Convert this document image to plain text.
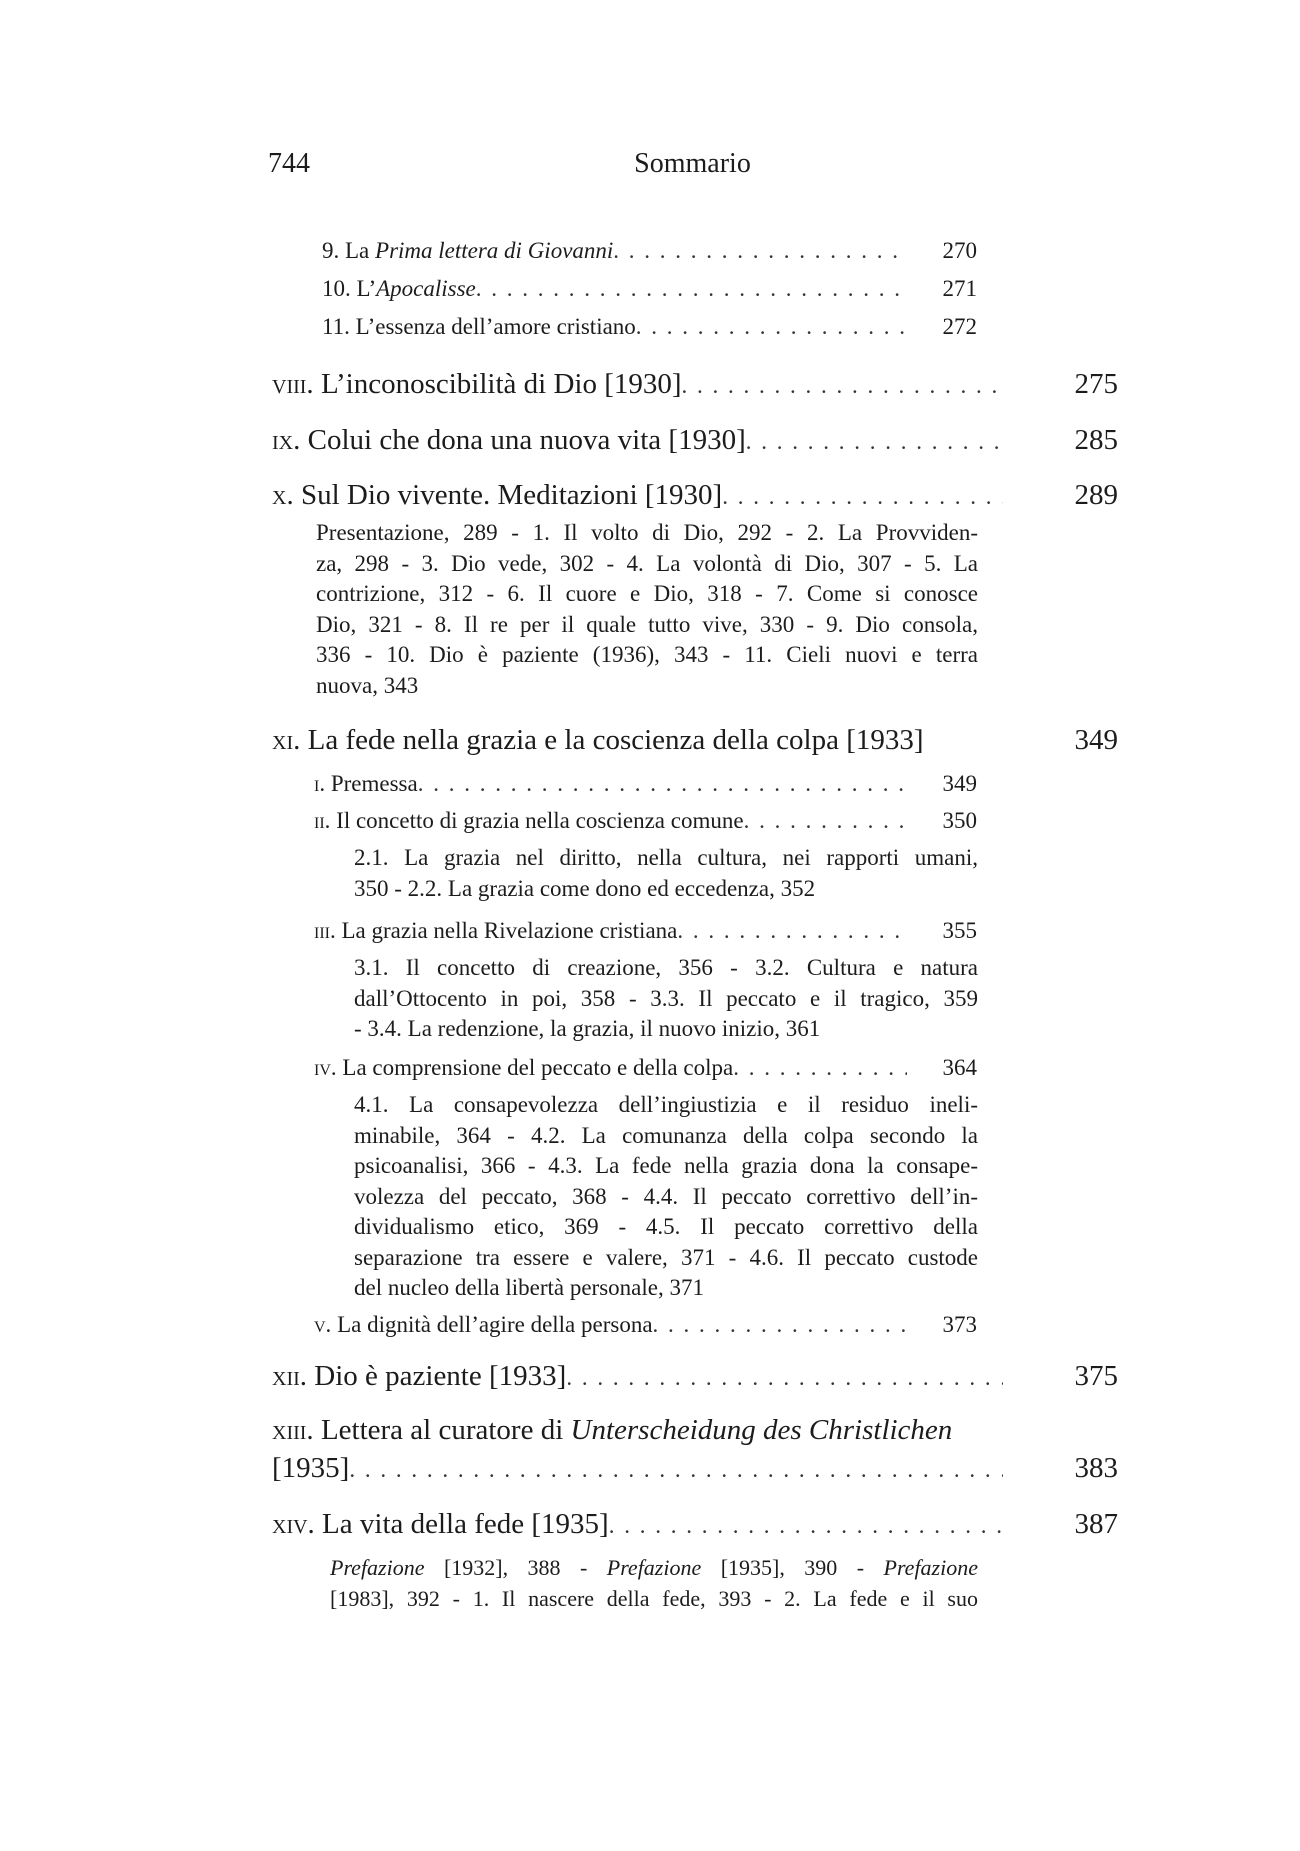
744	Sommario
9. La Prima lettera di Giovanni . . .	270
10. L’Apocalisse . . .	271
11. L’essenza dell’amore cristiano . . .	272
viii. L’inconoscibilità di Dio [1930] . . .	275
ix. Colui che dona una nuova vita [1930] . . .	285
x. Sul Dio vivente. Meditazioni [1930] . . .	289
Presentazione, 289 - 1. Il volto di Dio, 292 - 2. La Provviden-
za, 298 - 3. Dio vede, 302 - 4. La volontà di Dio, 307 - 5. La
contrizione, 312 - 6. Il cuore e Dio, 318 - 7. Come si conosce
Dio, 321 - 8. Il re per il quale tutto vive, 330 - 9. Dio consola,
336 - 10. Dio è paziente (1936), 343 - 11. Cieli nuovi e terra
nuova, 343
xi. La fede nella grazia e la coscienza della colpa [1933]	349
i. Premessa . . .	349
ii. Il concetto di grazia nella coscienza comune . . .	350
2.1. La grazia nel diritto, nella cultura, nei rapporti umani,
350 - 2.2. La grazia come dono ed eccedenza, 352
iii. La grazia nella Rivelazione cristiana . . .	355
3.1. Il concetto di creazione, 356 - 3.2. Cultura e natura
dall’Ottocento in poi, 358 - 3.3. Il peccato e il tragico, 359
- 3.4. La redenzione, la grazia, il nuovo inizio, 361
iv. La comprensione del peccato e della colpa . . .	364
4.1. La consapevolezza dell’ingiustizia e il residuo ineli-
minabile, 364 - 4.2. La comunanza della colpa secondo la
psicoanalisi, 366 - 4.3. La fede nella grazia dona la consape-
volezza del peccato, 368 - 4.4. Il peccato correttivo dell’in-
dividualismo etico, 369 - 4.5. Il peccato correttivo della
separazione tra essere e valere, 371 - 4.6. Il peccato custode
del nucleo della libertà personale, 371
v. La dignità dell’agire della persona . . .	373
xii. Dio è paziente [1933] . . .	375
xiii. Lettera al curatore di Unterscheidung des Christlichen
[1935] . . .	383
xiv. La vita della fede [1935] . . .	387
Prefazione [1932], 388 - Prefazione [1935], 390 - Prefazione
[1983], 392 - 1. Il nascere della fede, 393 - 2. La fede e il suo
